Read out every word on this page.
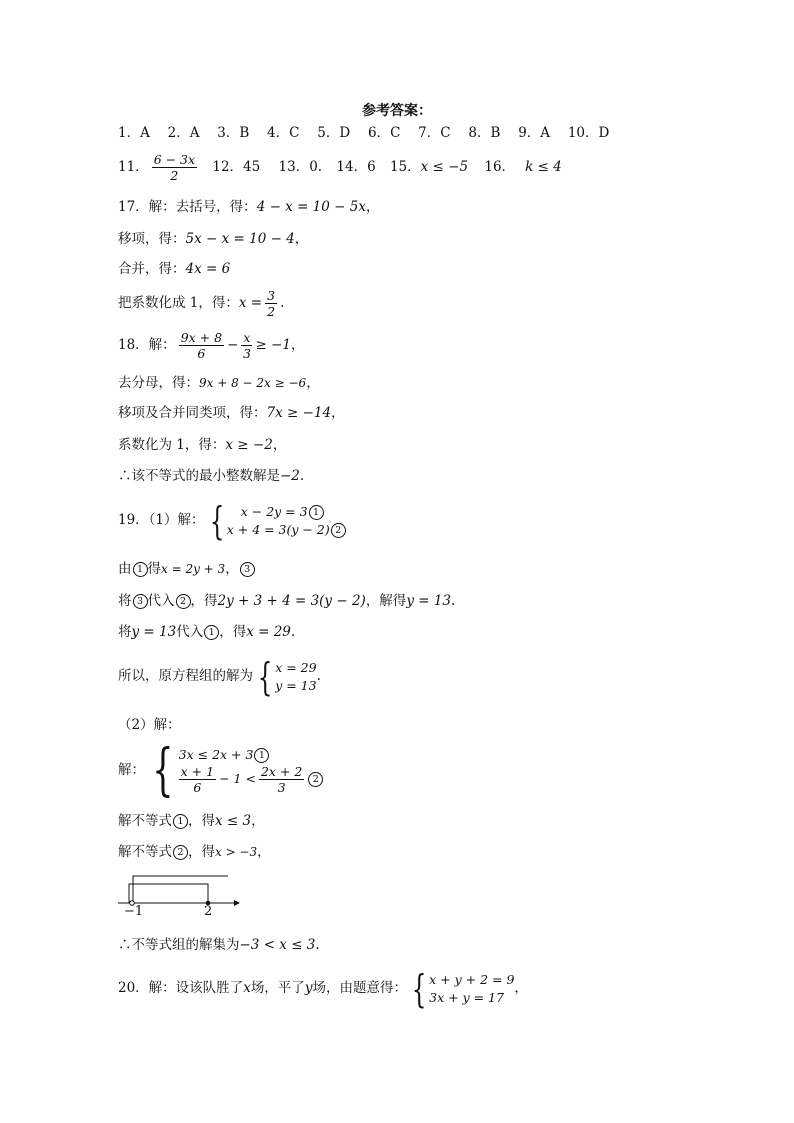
参考答案：
1．A　 2．A　 3．B　 4．C　 5．D　 6．C　 7．C　 8．B　 9．A　 10．D
11． $\frac{6 - 3x}{2} 12$．45 13．0. 14．6 15．x ≤ −5 16． k ≤ 4
17．解：去括号，得：4 − x = 10 − 5x，
移项，得：5x − x = 10 − 4，
合并，得：4x = 6
把系数化成 1，得：$x = \frac{3}{2}$ .
18．解： $\frac{9x + 8}{6} - \frac{x}{3} \ge -1$，
去分母，得：9x + 8 − 2x ≥ −6，
移项及合并同类项，得：7x ≥ −14，
系数化为 1，得：x ≥ −2，
∴该不等式的最小整数解是−2.
19．（1）解： {	x − 2y = 3 1
x + 4 = 3(y − 2) 2
由 1 得x = 2y + 3， 3
将 3 代入 2 ，得2y + 3 + 4 = 3(y − 2)，解得y = 13.
将y = 13代入 1 ，得x = 29.
所以，原方程组的解为 { x = 29
y = 13
.
（2）解：
解： { 3x ≤ 2x + 3 1
$\frac{x + 1}{6} - 1 < \frac{2x + 2}{3} 2$
解不等式 1 ，得x ≤ 3，
解不等式 2 ，得x > −3，
−1	2
∴不等式组的解集为−3 < x ≤ 3.
20．解：设该队胜了x场，平了y场，由题意得： { x + y + 2 = 9
3x + y = 17
，
